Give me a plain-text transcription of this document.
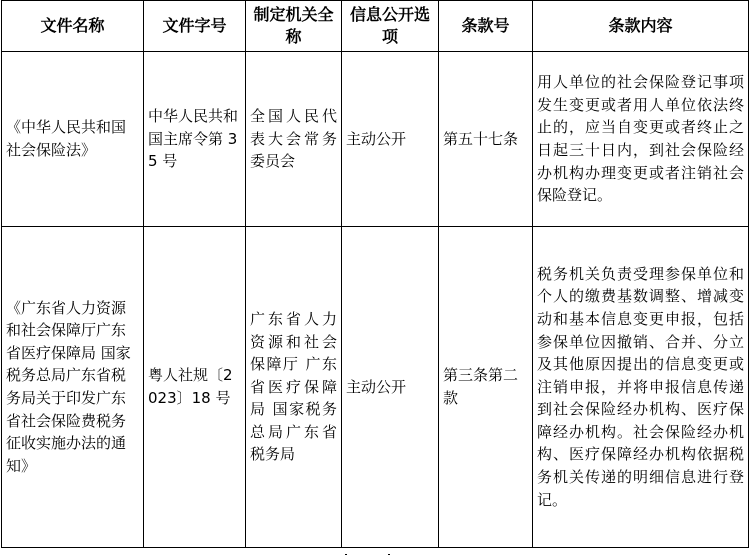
文件名称	文件字号	制定机关全称	信息公开选项	条款号	条款内容
《中华人民共和国社会保险法》	中华人民共和国主席令第 35 号	全国人民代表大会常务委员会	主动公开	第五十七条	用人单位的社会保险登记事项发生变更或者用人单位依法终止的，应当自变更或者终止之日起三十日内，到社会保险经办机构办理变更或者注销社会保险登记。
《广东省人力资源和社会保障厅广东省医疗保障局 国家税务总局广东省税务局关于印发广东省社会保险费税务征收实施办法的通知》	粤人社规〔2023〕18 号	广东省人力资源和社会保障厅 广东省医疗保障局 国家税务总局广东省税务局	主动公开	第三条第二款	税务机关负责受理参保单位和个人的缴费基数调整、增减变动和基本信息变更申报，包括参保单位因撤销、合并、分立及其他原因提出的信息变更或注销申报，并将申报信息传递到社会保险经办机构、医疗保障经办机构。社会保险经办机构、医疗保障经办机构依据税务机关传递的明细信息进行登记。
